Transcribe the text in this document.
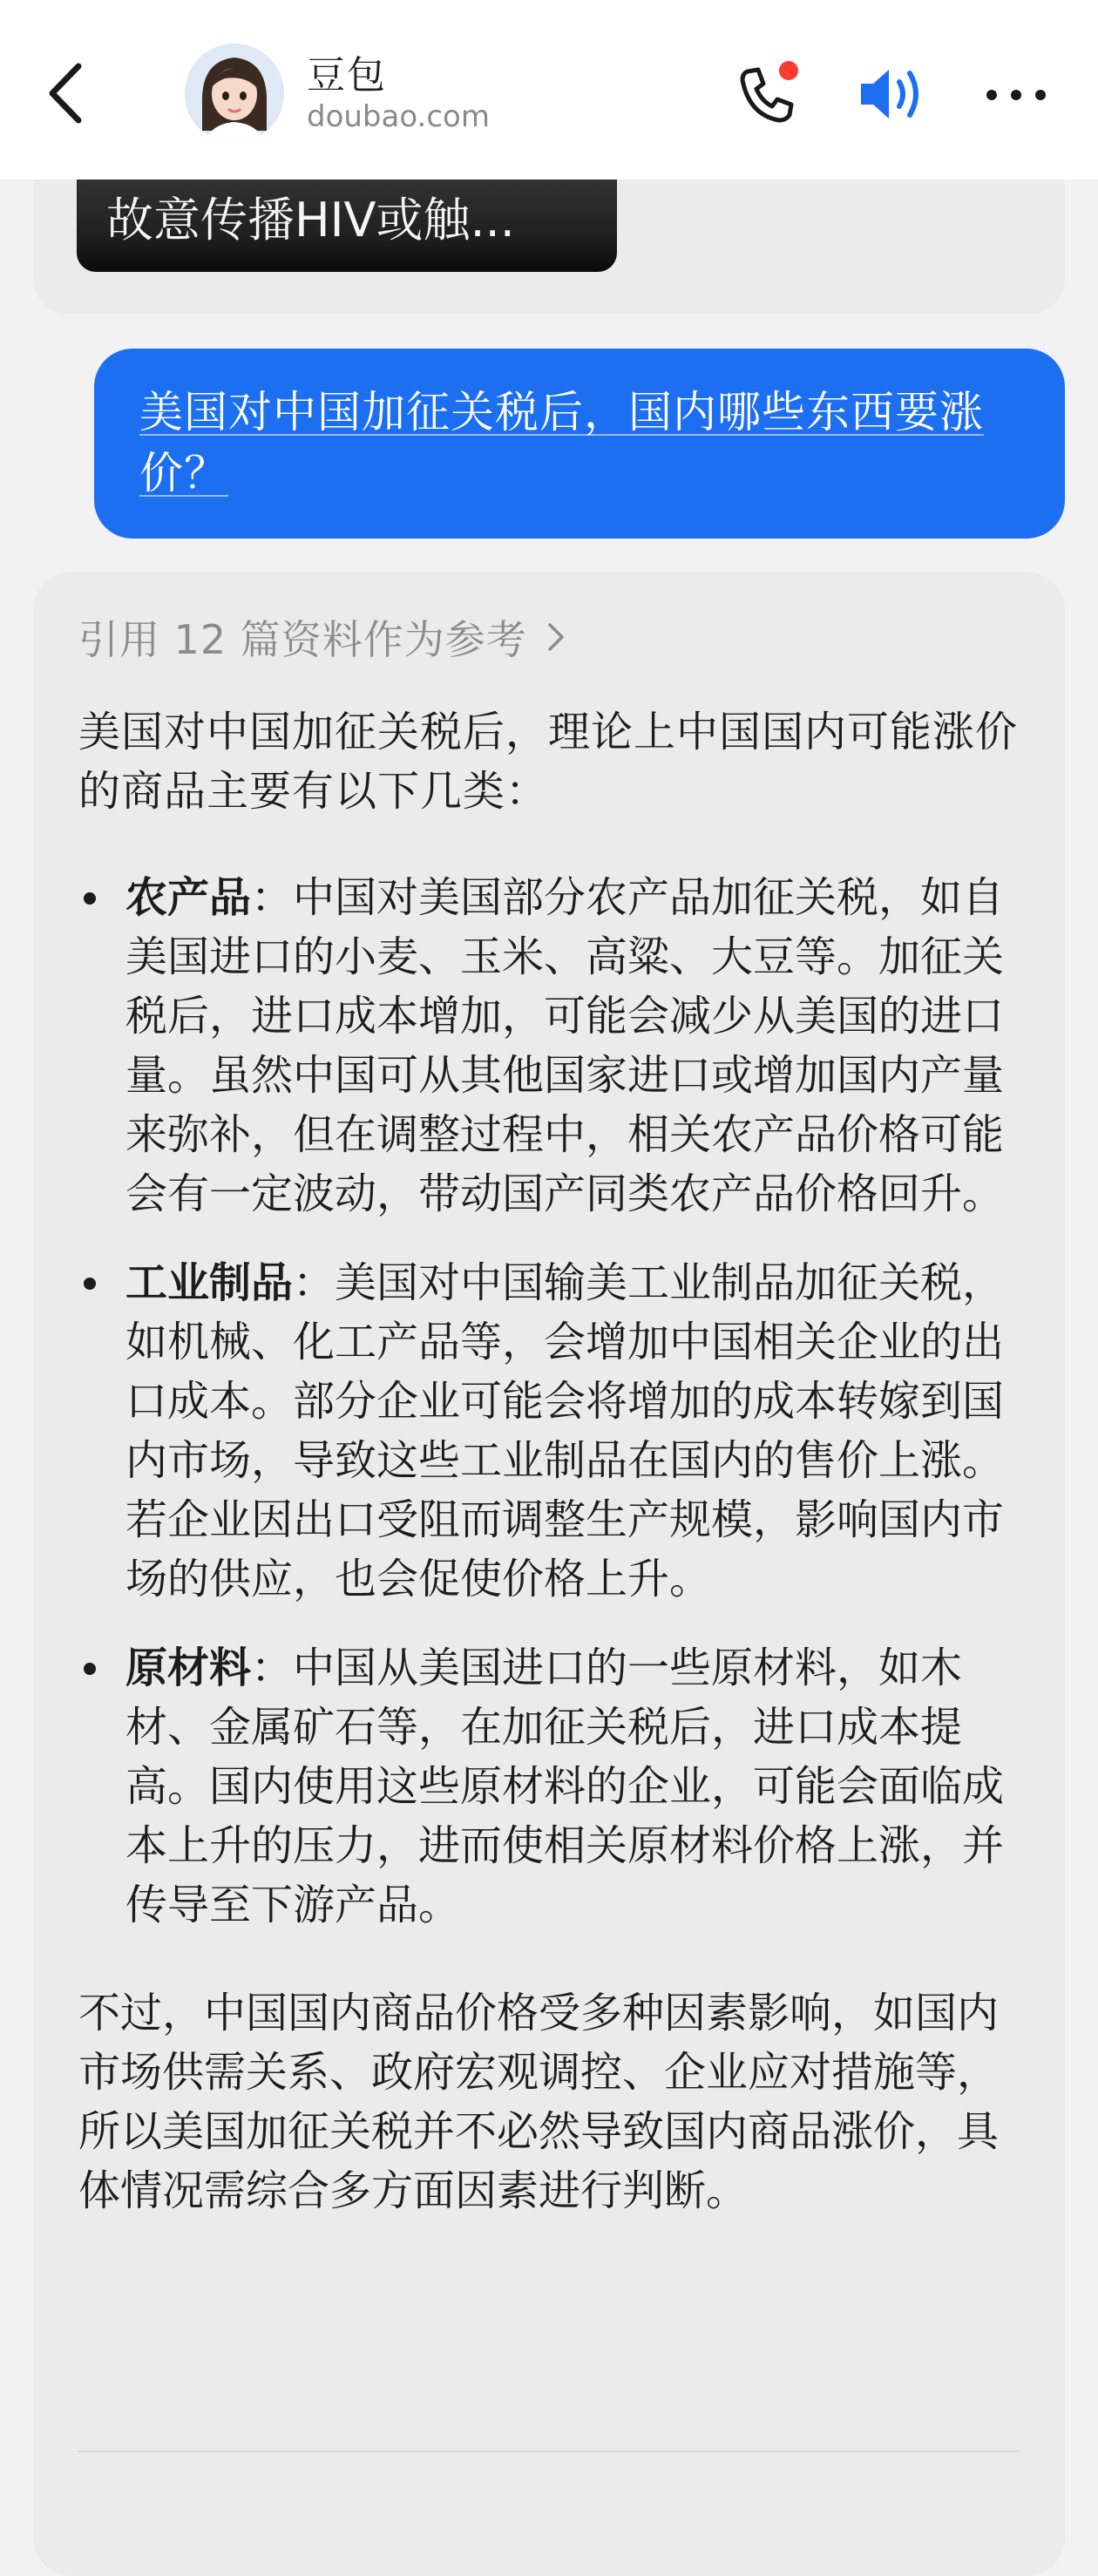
豆包
doubao.com
故意传播HIV或触...
美国对中国加征关税后，国内哪些东西要涨价？
引用 12 篇资料作为参考

美国对中国加征关税后，理论上中国国内可能涨价的商品主要有以下几类：

农产品：中国对美国部分农产品加征关税，如自美国进口的小麦、玉米、高粱、大豆等。加征关税后，进口成本增加，可能会减少从美国的进口量。虽然中国可从其他国家进口或增加国内产量来弥补，但在调整过程中，相关农产品价格可能会有一定波动，带动国产同类农产品价格回升。
工业制品：美国对中国输美工业制品加征关税，如机械、化工产品等，会增加中国相关企业的出口成本。部分企业可能会将增加的成本转嫁到国内市场，导致这些工业制品在国内的售价上涨。若企业因出口受阻而调整生产规模，影响国内市场的供应，也会促使价格上升。
原材料：中国从美国进口的一些原材料，如木材、金属矿石等，在加征关税后，进口成本提高。国内使用这些原材料的企业，可能会面临成本上升的压力，进而使相关原材料价格上涨，并传导至下游产品。

不过，中国国内商品价格受多种因素影响，如国内市场供需关系、政府宏观调控、企业应对措施等，所以美国加征关税并不必然导致国内商品涨价，具体情况需综合多方面因素进行判断。
